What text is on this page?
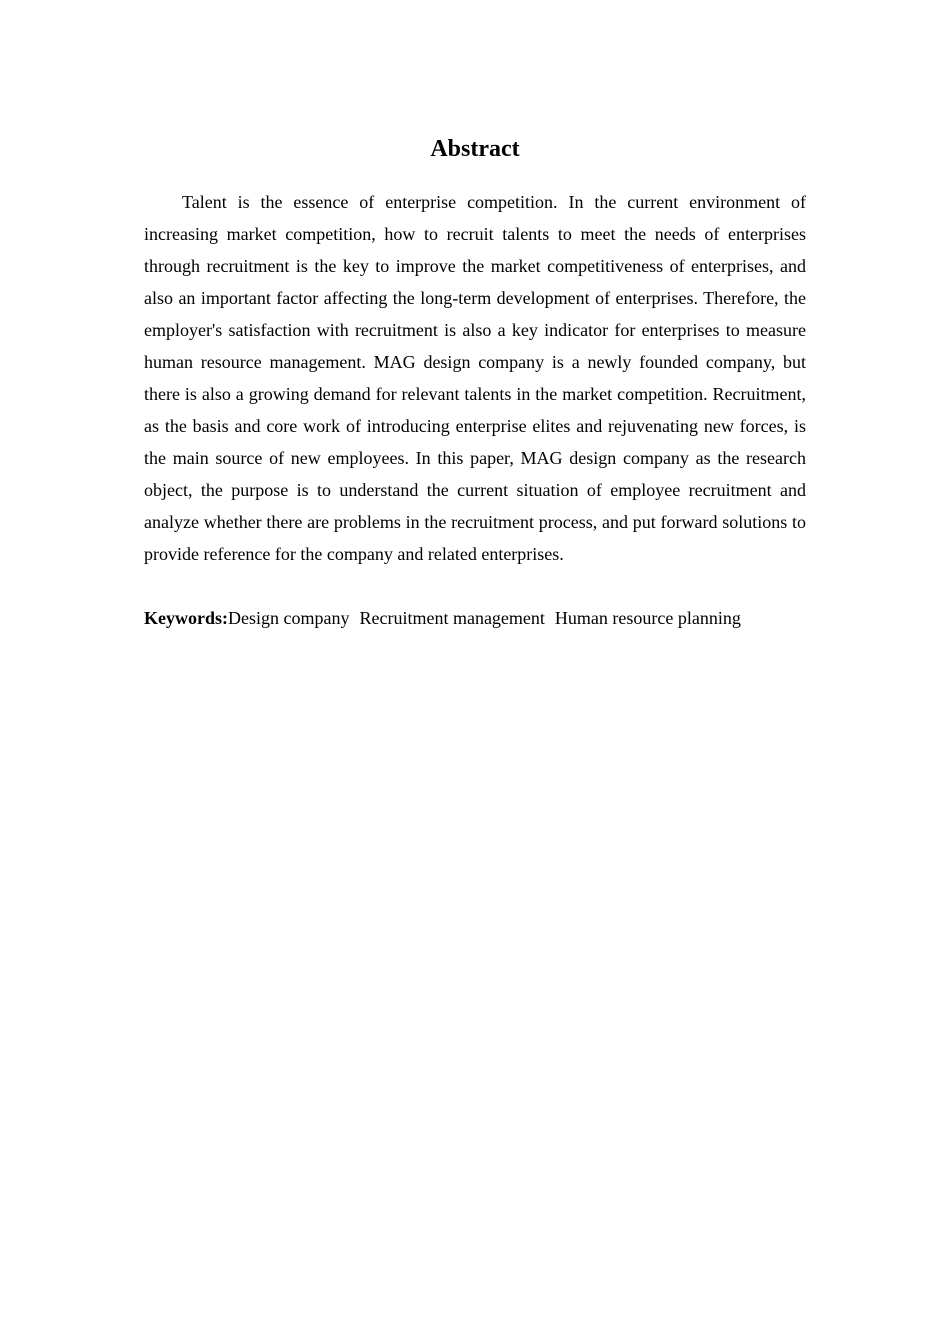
Abstract

Talent is the essence of enterprise competition. In the current environment of increasing market competition, how to recruit talents to meet the needs of enterprises through recruitment is the key to improve the market competitiveness of enterprises, and also an important factor affecting the long-term development of enterprises. Therefore, the employer's satisfaction with recruitment is also a key indicator for enterprises to measure human resource management. MAG design company is a newly founded company, but there is also a growing demand for relevant talents in the market competition. Recruitment, as the basis and core work of introducing enterprise elites and rejuvenating new forces, is the main source of new employees. In this paper, MAG design company as the research object, the purpose is to understand the current situation of employee recruitment and analyze whether there are problems in the recruitment process, and put forward solutions to provide reference for the company and related enterprises.

Keywords:Design company Recruitment management Human resource planning
